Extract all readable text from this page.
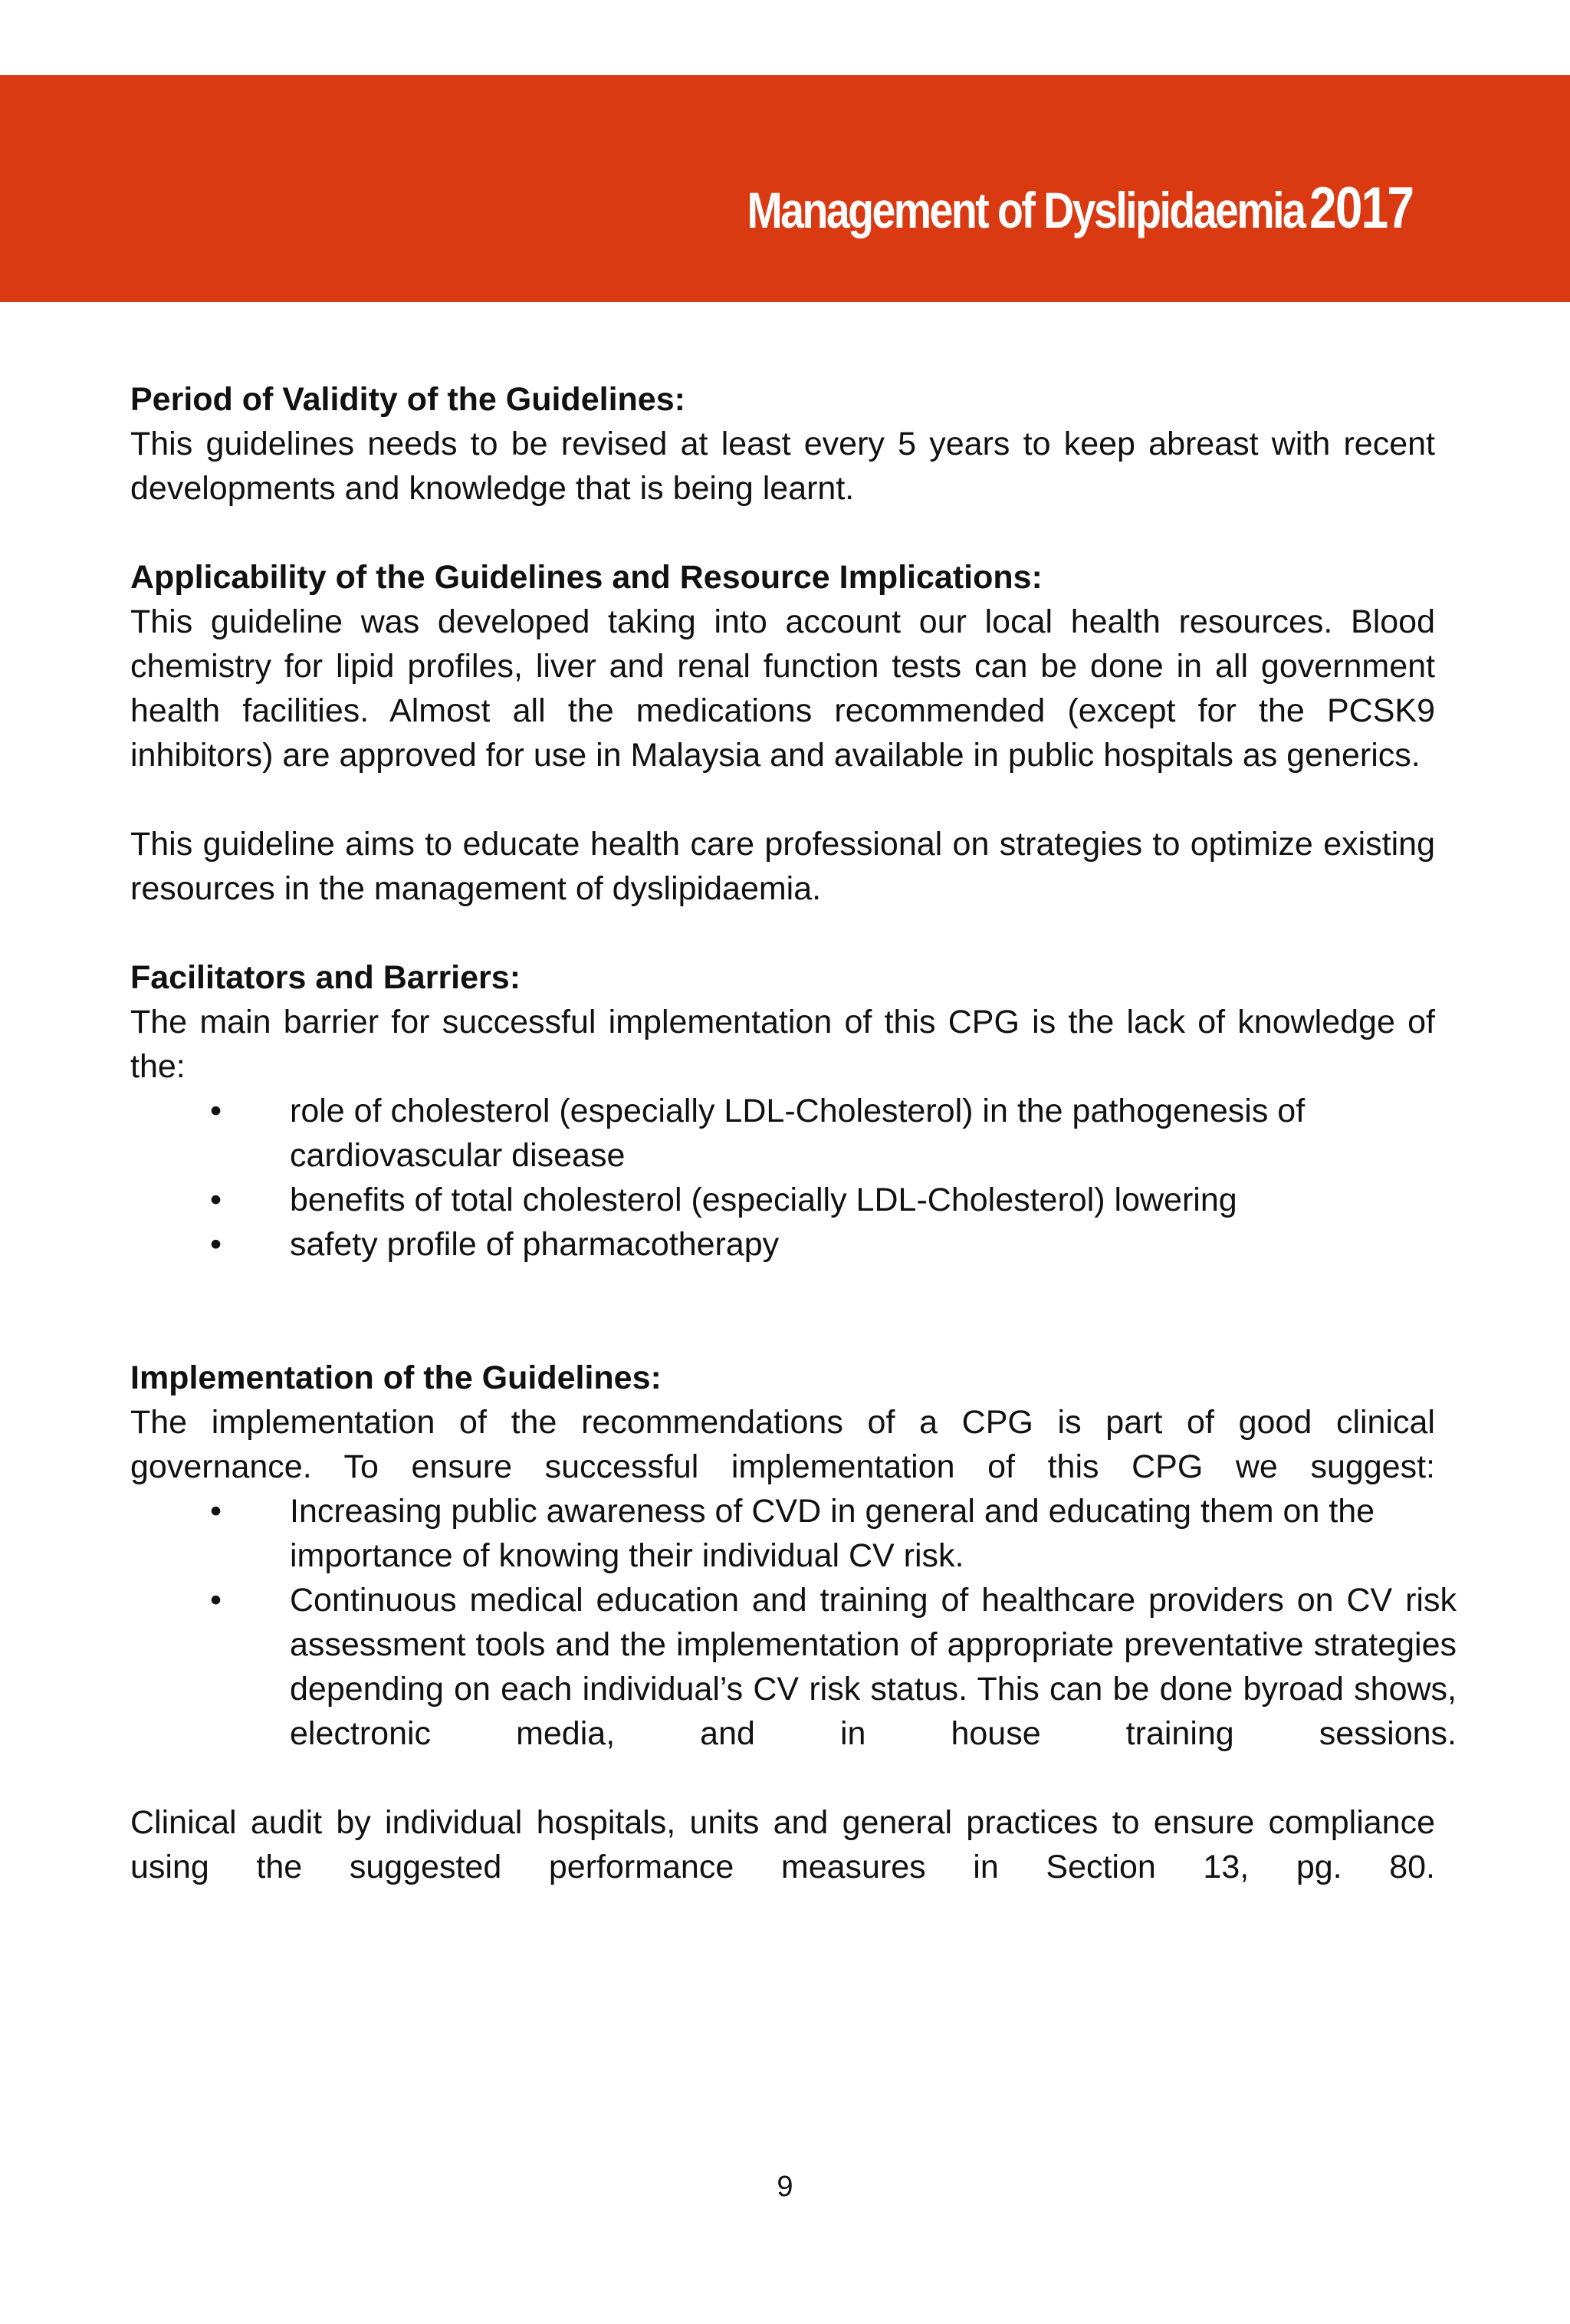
Management of Dyslipidaemia2017

Period of Validity of the Guidelines:

This guidelines needs to be revised at least every 5 years to keep abreast with recent developments and knowledge that is being learnt.

Applicability of the Guidelines and Resource Implications:

This guideline was developed taking into account our local health resources. Blood chemistry for lipid profiles, liver and renal function tests can be done in all government health facilities. Almost all the medications recommended (except for the PCSK9 inhibitors) are approved for use in Malaysia and available in public hospitals as generics.

This guideline aims to educate health care professional on strategies to optimize existing resources in the management of dyslipidaemia.

Facilitators and Barriers:

The main barrier for successful implementation of this CPG is the lack of knowledge of the:

• role of cholesterol (especially LDL-Cholesterol) in the pathogenesis of cardiovascular disease
• benefits of total cholesterol (especially LDL-Cholesterol) lowering
• safety profile of pharmacotherapy

Implementation of the Guidelines:

The implementation of the recommendations of a CPG is part of good clinical governance. To ensure successful implementation of this CPG we suggest:

• Increasing public awareness of CVD in general and educating them on the importance of knowing their individual CV risk.
• Continuous medical education and training of healthcare providers on CV risk assessment tools and the implementation of appropriate preventative strategies depending on each individual’s CV risk status. This can be done byroad shows, electronic media, and in house training sessions.

Clinical audit by individual hospitals, units and general practices to ensure compliance using the suggested performance measures in Section 13, pg. 80.

9
